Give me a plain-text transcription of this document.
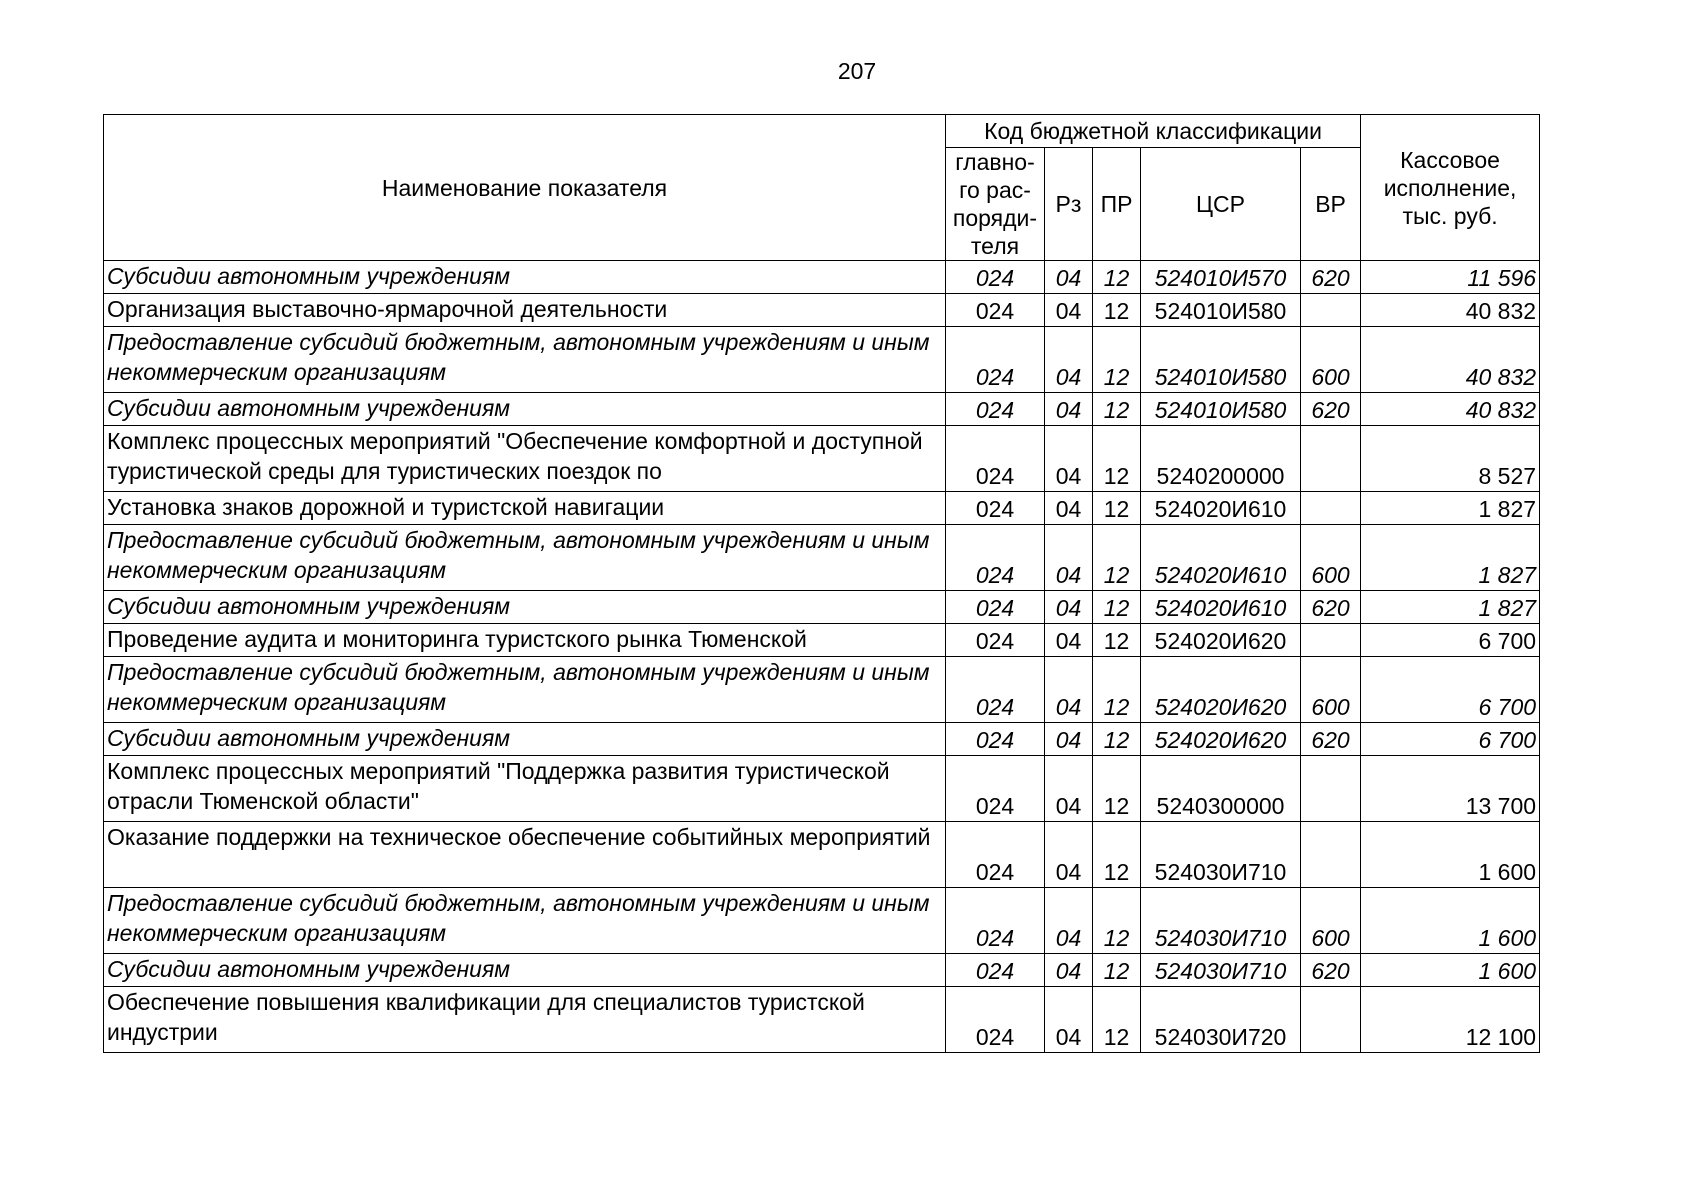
207
Наименование показателя	Код бюджетной классификации					Кассовое исполнение, тыс. руб.
	главно-го рас-поряди-теля	Рз	ПР	ЦСР	ВР	
Субсидии автономным учреждениям	024	04	12	524010И570	620	11 596
Организация выставочно-ярмарочной деятельности	024	04	12	524010И580		40 832
Предоставление субсидий бюджетным, автономным учреждениям и иным некоммерческим организациям	024	04	12	524010И580	600	40 832
Субсидии автономным учреждениям	024	04	12	524010И580	620	40 832
Комплекс процессных мероприятий "Обеспечение комфортной и доступной туристической среды для туристических поездок по	024	04	12	5240200000		8 527
Установка знаков дорожной и туристской навигации	024	04	12	524020И610		1 827
Предоставление субсидий бюджетным, автономным учреждениям и иным некоммерческим организациям	024	04	12	524020И610	600	1 827
Субсидии автономным учреждениям	024	04	12	524020И610	620	1 827
Проведение аудита и мониторинга туристского рынка Тюменской	024	04	12	524020И620		6 700
Предоставление субсидий бюджетным, автономным учреждениям и иным некоммерческим организациям	024	04	12	524020И620	600	6 700
Субсидии автономным учреждениям	024	04	12	524020И620	620	6 700
Комплекс процессных мероприятий "Поддержка развития туристической отрасли Тюменской области"	024	04	12	5240300000		13 700
Оказание поддержки на техническое обеспечение событийных мероприятий	024	04	12	524030И710		1 600
Предоставление субсидий бюджетным, автономным учреждениям и иным некоммерческим организациям	024	04	12	524030И710	600	1 600
Субсидии автономным учреждениям	024	04	12	524030И710	620	1 600
Обеспечение повышения квалификации для специалистов туристской индустрии	024	04	12	524030И720		12 100
